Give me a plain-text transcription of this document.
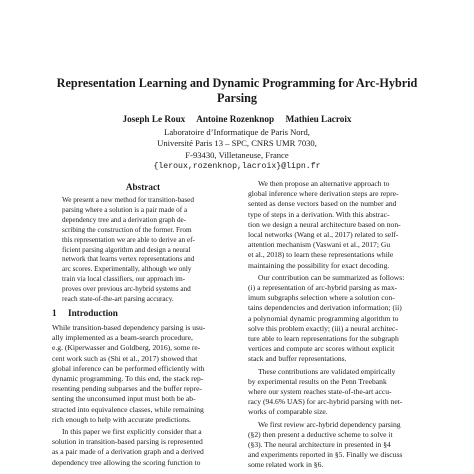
Representation Learning and Dynamic Programming for Arc-Hybrid
Parsing
Joseph Le Roux     Antoine Rozenknop     Mathieu Lacroix
Laboratoire d’Informatique de Paris Nord,
Université Paris 13 – SPC, CNRS UMR 7030,
F-93430, Villetaneuse, France
{leroux,rozenknop,lacroix}@lipn.fr
Abstract
We present a new method for transition-based
parsing where a solution is a pair made of a
dependency tree and a derivation graph de-
scribing the construction of the former. From
this representation we are able to derive an ef-
ficient parsing algorithm and design a neural
network that learns vertex representations and
arc scores. Experimentally, although we only
train via local classifiers, our approach im-
proves over previous arc-hybrid systems and
reach state-of-the-art parsing accuracy.
1 Introduction
While transition-based dependency parsing is usu-
ally implemented as a beam-search procedure,
e.g. (Kiperwasser and Goldberg, 2016), some re-
cent work such as (Shi et al., 2017) showed that
global inference can be performed efficiently with
dynamic programming. To this end, the stack rep-
resenting pending subparses and the buffer repre-
senting the unconsumed input must both be ab-
stracted into equivalence classes, while remaining
rich enough to help with accurate predictions.
In this paper we first explicitly consider that a
solution in transition-based parsing is represented
as a pair made of a derivation graph and a derived
dependency tree allowing the scoring function to
We then propose an alternative approach to
global inference where derivation steps are repre-
sented as dense vectors based on the number and
type of steps in a derivation. With this abstrac-
tion we design a neural architecture based on non-
local networks (Wang et al., 2017) related to self-
attention mechanism (Vaswani et al., 2017; Gu
et al., 2018) to learn these representations while
maintaining the possibility for exact decoding.
Our contribution can be summarized as follows:
(i) a representation of arc-hybrid parsing as max-
imum subgraphs selection where a solution con-
tains dependencies and derivation information; (ii)
a polynomial dynamic programming algorithm to
solve this problem exactly; (iii) a neural architec-
ture able to learn representations for the subgraph
vertices and compute arc scores without explicit
stack and buffer representations.
These contributions are validated empirically
by experimental results on the Penn Treebank
where our system reaches state-of-the-art accu-
racy (94.6% UAS) for arc-hybrid parsing with net-
works of comparable size.
We first review arc-hybrid dependency parsing
(§2) then present a deductive scheme to solve it
(§3). The neural architecture in presented in §4
and experiments reported in §5. Finally we discuss
some related work in §6.
